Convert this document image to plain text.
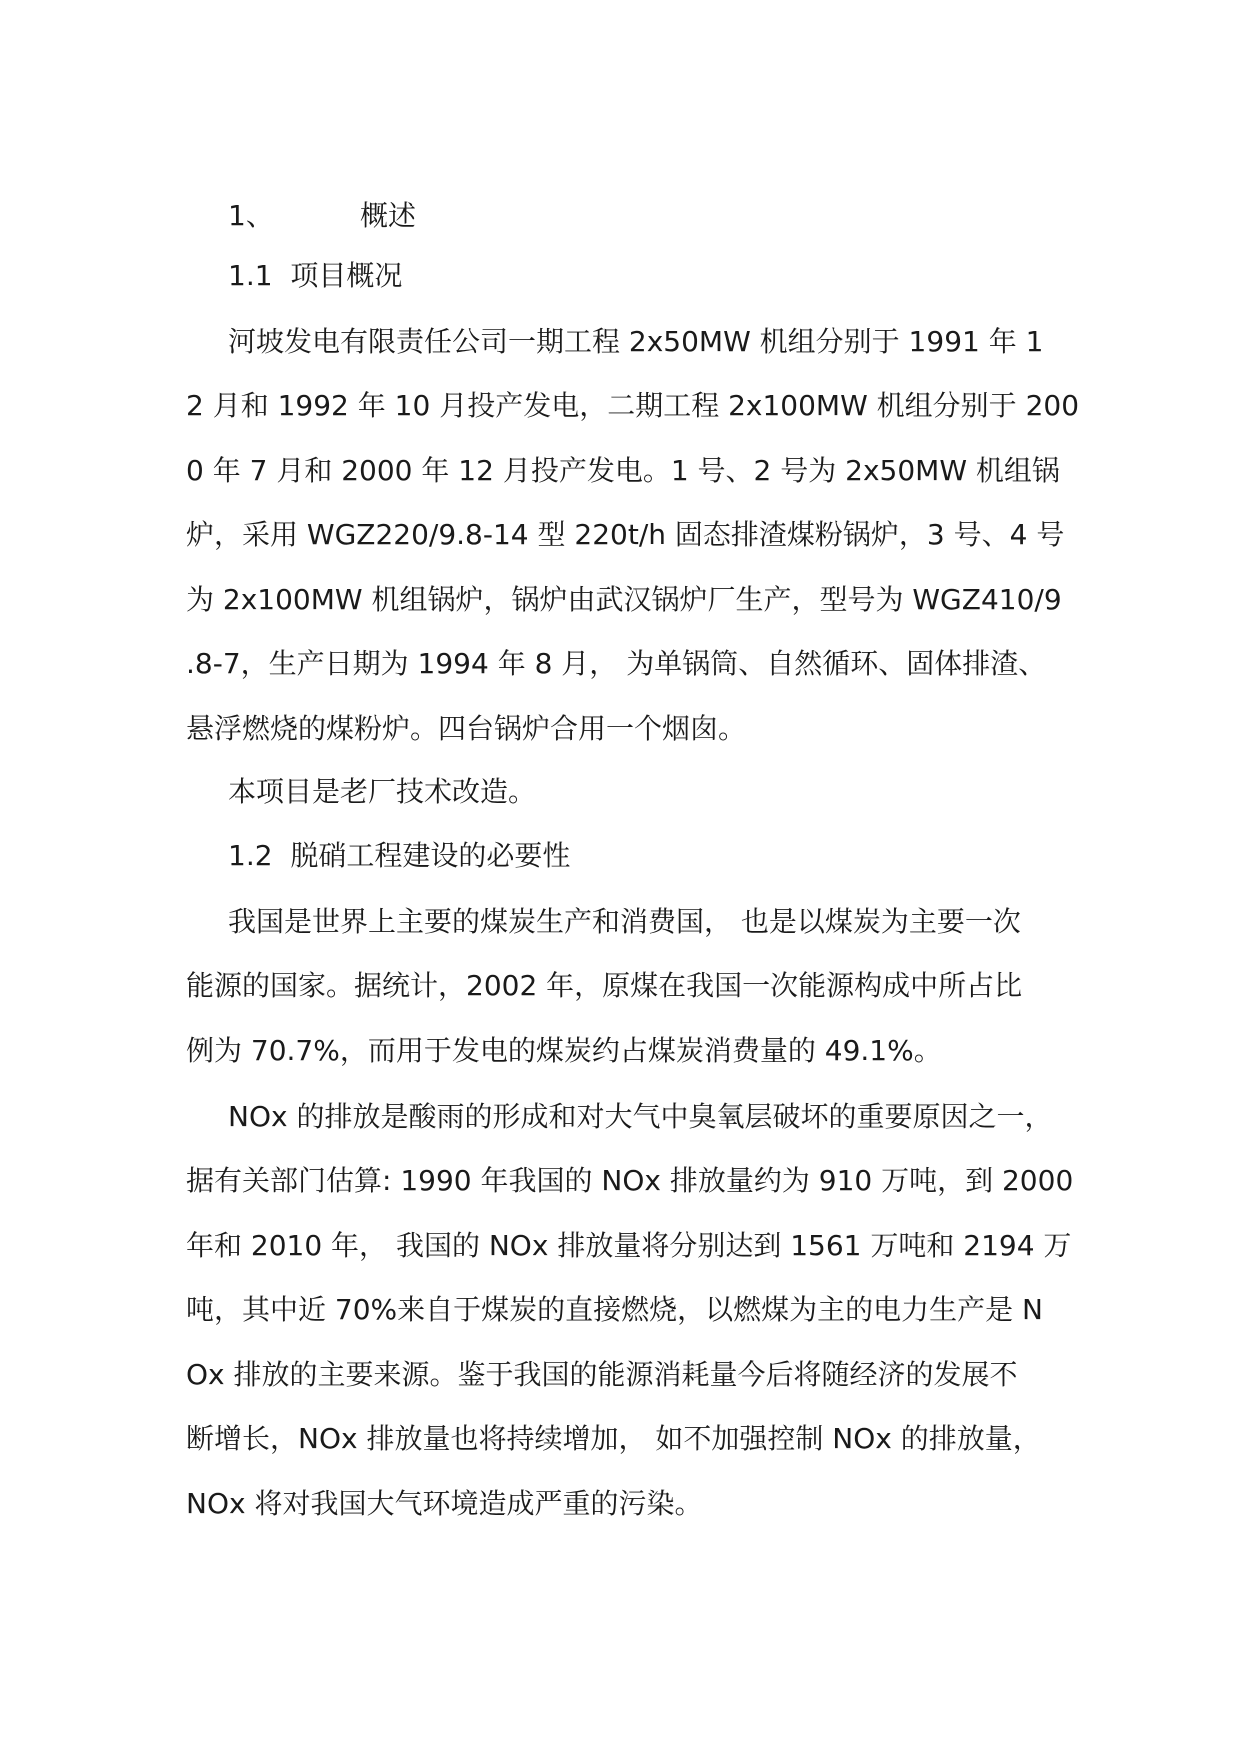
1、	概述
1.1  项目概况
河坡发电有限责任公司一期工程 2x50MW 机组分别于 1991 年 1
2 月和 1992 年 10 月投产发电，二期工程 2x100MW 机组分别于 200
0 年 7 月和 2000 年 12 月投产发电。1 号、2 号为 2x50MW 机组锅
炉，采用 WGZ220/9.8-14 型 220t/h 固态排渣煤粉锅炉，3 号、4 号
为 2x100MW 机组锅炉，锅炉由武汉锅炉厂生产，型号为 WGZ410/9
.8-7，生产日期为 1994 年 8 月， 为单锅筒、自然循环、固体排渣、
悬浮燃烧的煤粉炉。四台锅炉合用一个烟囱。
本项目是老厂技术改造。
1.2  脱硝工程建设的必要性
我国是世界上主要的煤炭生产和消费国， 也是以煤炭为主要一次
能源的国家。据统计，2002 年，原煤在我国一次能源构成中所占比
例为 70.7%，而用于发电的煤炭约占煤炭消费量的 49.1%。
NOx 的排放是酸雨的形成和对大气中臭氧层破坏的重要原因之一，
据有关部门估算: 1990 年我国的 NOx 排放量约为 910 万吨，到 2000
年和 2010 年， 我国的 NOx 排放量将分别达到 1561 万吨和 2194 万
吨，其中近 70%来自于煤炭的直接燃烧，以燃煤为主的电力生产是 N
Ox 排放的主要来源。鉴于我国的能源消耗量今后将随经济的发展不
断增长，NOx 排放量也将持续增加， 如不加强控制 NOx 的排放量，
NOx 将对我国大气环境造成严重的污染。
